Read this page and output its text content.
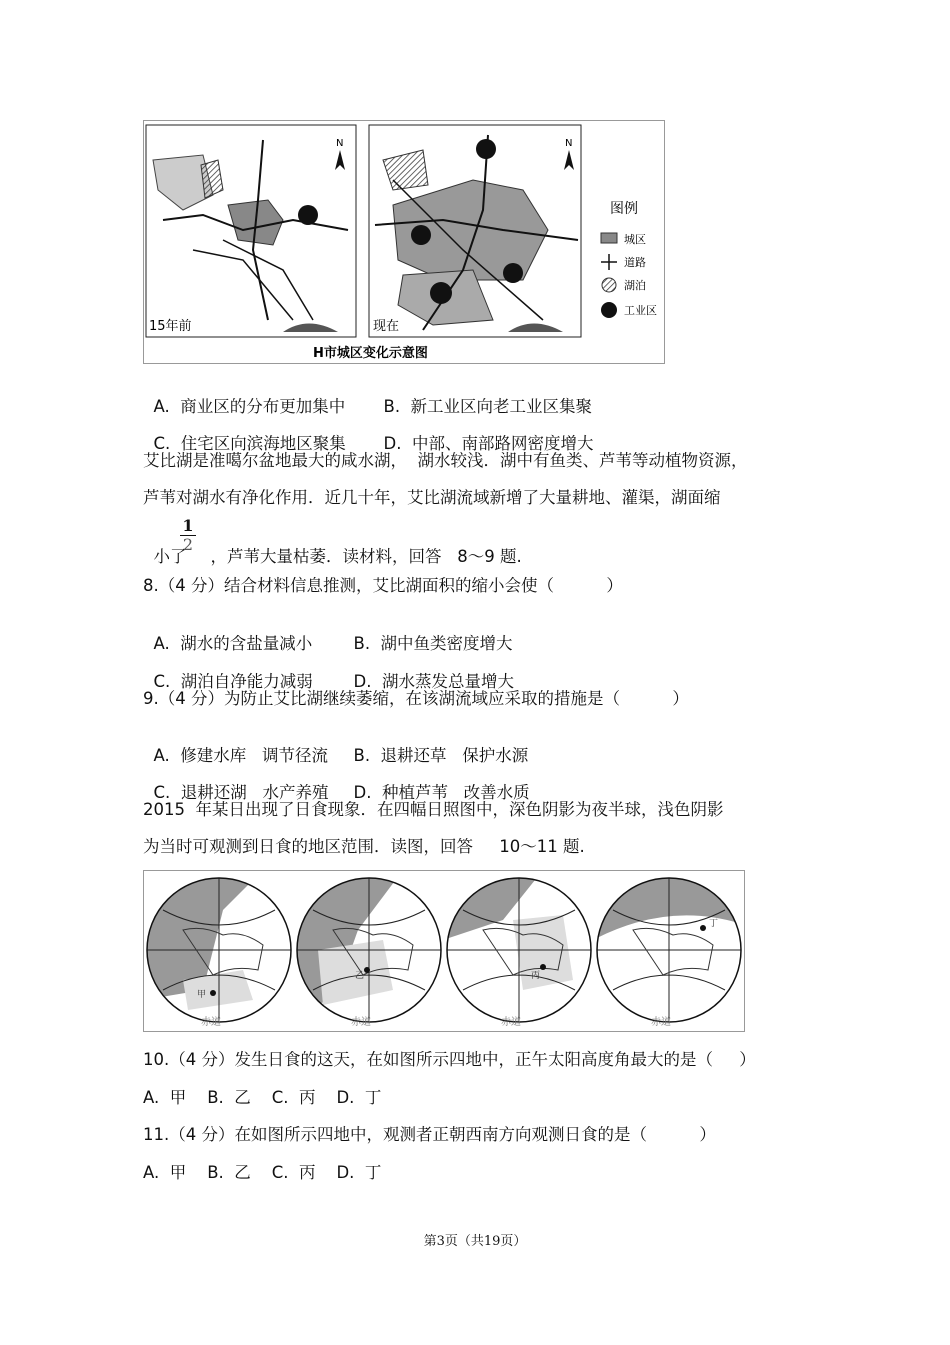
15年前
N
现在
N
图例
城区
道路
湖泊
工业区
H市城区变化示意图

A.  商业区的分布更加集中 B.  新工业区向老工业区集聚

C.  住宅区向滨海地区聚集 D.  中部、南部路网密度增大

艾比湖是准噶尔盆地最大的咸水湖，  湖水较浅．湖中有鱼类、芦苇等动植物资源，
芦苇对湖水有净化作用．近几十年，艾比湖流域新增了大量耕地、灌渠，湖面缩

小了 ，芦苇大量枯萎．读材料，回答   8～9 题.

$\frac{1}{2}$
8.（4 分）结合材料信息推测，艾比湖面积的缩小会使（          ）

A.  湖水的含盐量减小	B.  湖中鱼类密度增大

C.  湖泊自净能力减弱 D.  湖水蒸发总量增大

9.（4 分）为防止艾比湖继续萎缩，在该湖流域应采取的措施是（          ）

A.  修建水库   调节径流 B.  退耕还草   保护水源

C.  退耕还湖   水产养殖 D.  种植芦苇   改善水质

2015  年某日出现了日食现象．在四幅日照图中，深色阴影为夜半球，浅色阴影
为当时可观测到日食的地区范围．读图，回答     10～11 题.
甲
赤道
乙
赤道
丙
赤道
丁
赤道
10.（4 分）发生日食的这天，在如图所示四地中，正午太阳高度角最大的是（     ）
A.  甲    B.  乙    C.  丙    D.  丁
11.（4 分）在如图所示四地中，观测者正朝西南方向观测日食的是（          ）
A.  甲    B.  乙    C.  丙    D.  丁
第3页（共19页）
